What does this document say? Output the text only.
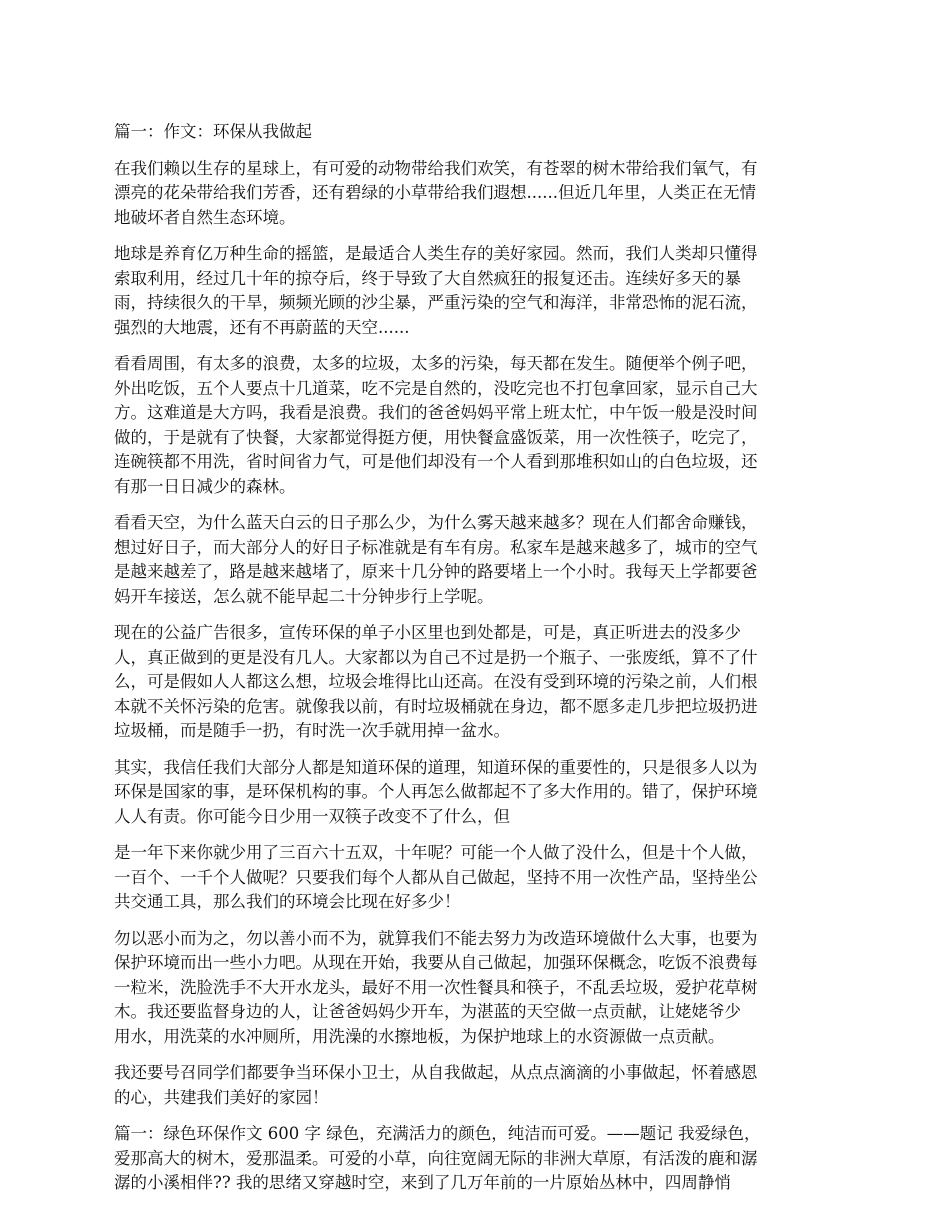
篇一：作文：环保从我做起
在我们赖以生存的星球上，有可爱的动物带给我们欢笑，有苍翠的树木带给我们氧气，有
漂亮的花朵带给我们芳香，还有碧绿的小草带给我们遐想......但近几年里，人类正在无情
地破坏者自然生态环境。
地球是养育亿万种生命的摇篮，是最适合人类生存的美好家园。然而，我们人类却只懂得
索取利用，经过几十年的掠夺后，终于导致了大自然疯狂的报复还击。连续好多天的暴
雨，持续很久的干旱，频频光顾的沙尘暴，严重污染的空气和海洋，非常恐怖的泥石流，
强烈的大地震，还有不再蔚蓝的天空......
看看周围，有太多的浪费，太多的垃圾，太多的污染，每天都在发生。随便举个例子吧，
外出吃饭，五个人要点十几道菜，吃不完是自然的，没吃完也不打包拿回家，显示自己大
方。这难道是大方吗，我看是浪费。我们的爸爸妈妈平常上班太忙，中午饭一般是没时间
做的，于是就有了快餐，大家都觉得挺方便，用快餐盒盛饭菜，用一次性筷子，吃完了，
连碗筷都不用洗，省时间省力气，可是他们却没有一个人看到那堆积如山的白色垃圾，还
有那一日日减少的森林。
看看天空，为什么蓝天白云的日子那么少，为什么雾天越来越多？现在人们都舍命赚钱，
想过好日子，而大部分人的好日子标准就是有车有房。私家车是越来越多了，城市的空气
是越来越差了，路是越来越堵了，原来十几分钟的路要堵上一个小时。我每天上学都要爸
妈开车接送，怎么就不能早起二十分钟步行上学呢。
现在的公益广告很多，宣传环保的单子小区里也到处都是，可是，真正听进去的没多少
人，真正做到的更是没有几人。大家都以为自己不过是扔一个瓶子、一张废纸，算不了什
么，可是假如人人都这么想，垃圾会堆得比山还高。在没有受到环境的污染之前，人们根
本就不关怀污染的危害。就像我以前，有时垃圾桶就在身边，都不愿多走几步把垃圾扔进
垃圾桶，而是随手一扔，有时洗一次手就用掉一盆水。
其实，我信任我们大部分人都是知道环保的道理，知道环保的重要性的，只是很多人以为
环保是国家的事，是环保机构的事。个人再怎么做都起不了多大作用的。错了，保护环境
人人有责。你可能今日少用一双筷子改变不了什么，但
是一年下来你就少用了三百六十五双，十年呢？可能一个人做了没什么，但是十个人做，
一百个、一千个人做呢？只要我们每个人都从自己做起，坚持不用一次性产品，坚持坐公
共交通工具，那么我们的环境会比现在好多少！
勿以恶小而为之，勿以善小而不为，就算我们不能去努力为改造环境做什么大事，也要为
保护环境而出一些小力吧。从现在开始，我要从自己做起，加强环保概念，吃饭不浪费每
一粒米，洗脸洗手不大开水龙头，最好不用一次性餐具和筷子，不乱丢垃圾，爱护花草树
木。我还要监督身边的人，让爸爸妈妈少开车，为湛蓝的天空做一点贡献，让姥姥爷少
用水，用洗菜的水冲厕所，用洗澡的水擦地板，为保护地球上的水资源做一点贡献。
我还要号召同学们都要争当环保小卫士，从自我做起，从点点滴滴的小事做起，怀着感恩
的心，共建我们美好的家园！
篇一：绿色环保作文 600 字 绿色，充满活力的颜色，纯洁而可爱。——题记 我爱绿色，
爱那高大的树木，爱那温柔。可爱的小草，向往宽阔无际的非洲大草原，有活泼的鹿和潺
潺的小溪相伴?? 我的思绪又穿越时空，来到了几万年前的一片原始丛林中，四周静悄
